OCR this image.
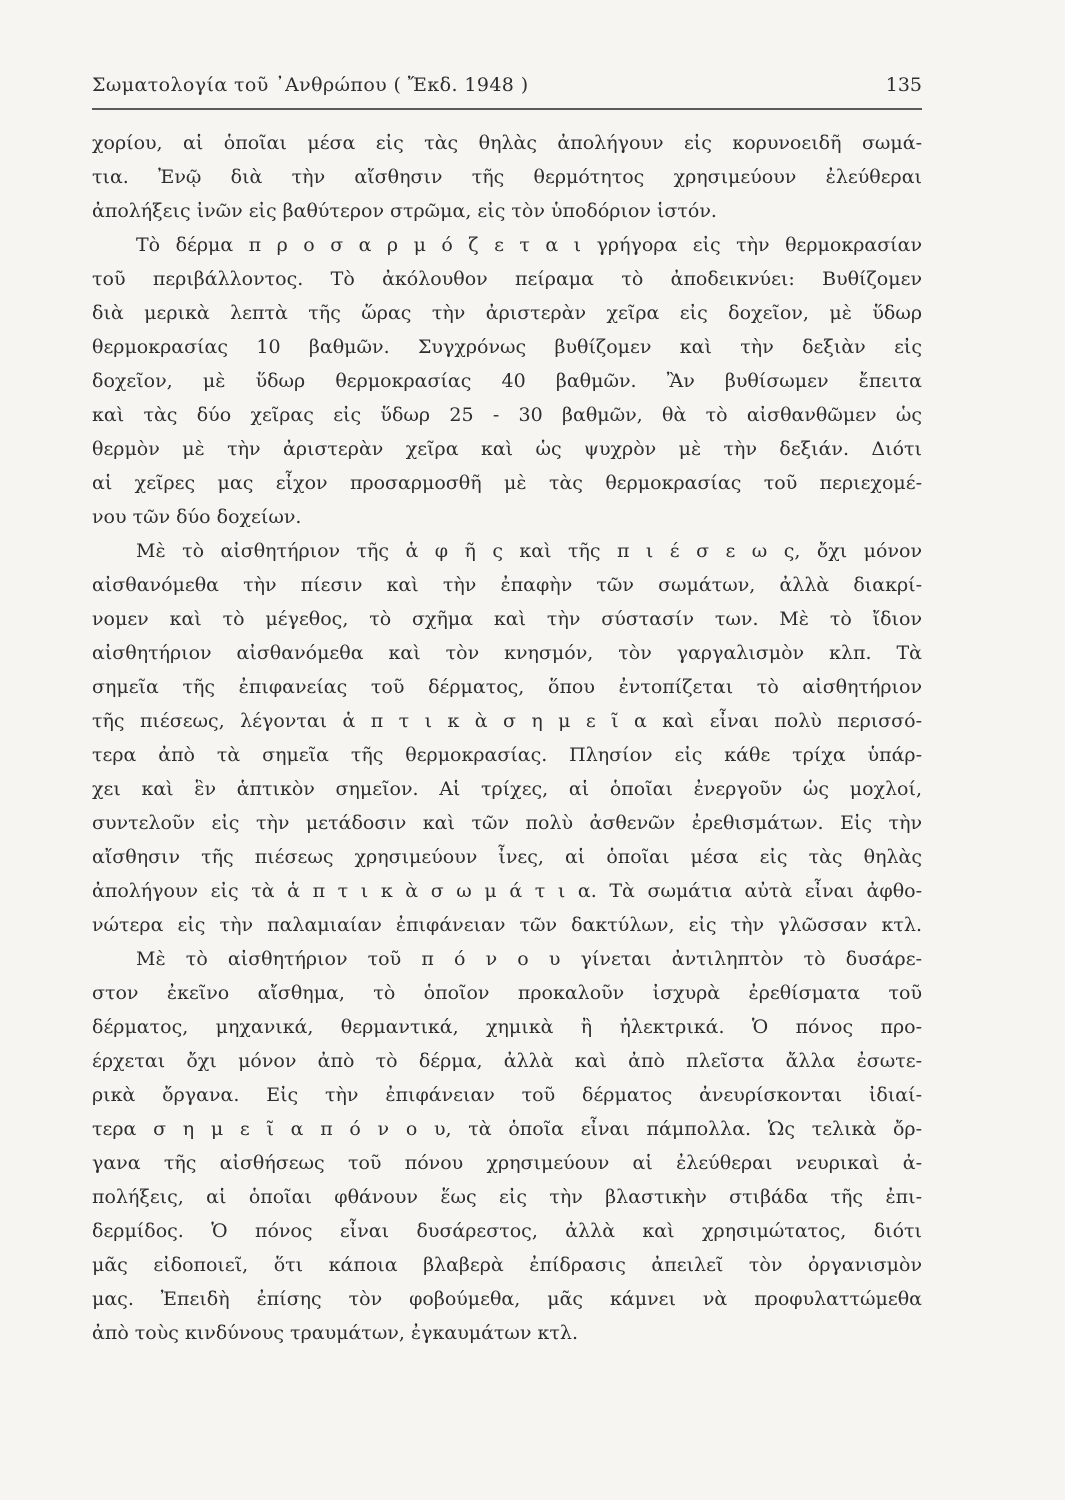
Σωματολογία τοῦ ᾿Ανθρώπου ( Ἔκδ. 1948 )	135
χορίου, αἱ ὁποῖαι μέσα εἰς τὰς θηλὰς ἀπολήγουν εἰς κορυνοειδῆ σωμά-
τια. Ἐνῷ διὰ τὴν αἴσθησιν τῆς θερμότητος χρησιμεύουν ἐλεύθεραι
ἀπολήξεις ἰνῶν εἰς βαθύτερον στρῶμα, εἰς τὸν ὑποδόριον ἱστόν.
Τὸ δέρμα π ρ ο σ α ρ μ ό ζ ε τ α ι γρήγορα εἰς τὴν θερμοκρασίαν
τοῦ περιβάλλοντος. Τὸ ἀκόλουθον πείραμα τὸ ἀποδεικνύει: Βυθίζομεν
διὰ μερικὰ λεπτὰ τῆς ὥρας τὴν ἀριστερὰν χεῖρα εἰς δοχεῖον, μὲ ὕδωρ
θερμοκρασίας 10 βαθμῶν. Συγχρόνως βυθίζομεν καὶ τὴν δεξιὰν εἰς
δοχεῖον, μὲ ὕδωρ θερμοκρασίας 40 βαθμῶν. Ἂν βυθίσωμεν ἔπειτα
καὶ τὰς δύο χεῖρας εἰς ὕδωρ 25 - 30 βαθμῶν, θὰ τὸ αἰσθανθῶμεν ὡς
θερμὸν μὲ τὴν ἀριστερὰν χεῖρα καὶ ὡς ψυχρὸν μὲ τὴν δεξιάν. Διότι
αἱ χεῖρες μας εἶχον προσαρμοσθῆ μὲ τὰς θερμοκρασίας τοῦ περιεχομέ-
νου τῶν δύο δοχείων.
Μὲ τὸ αἰσθητήριον τῆς ἁ φ ῆ ς καὶ τῆς π ι έ σ ε ω ς, ὄχι μόνον
αἰσθανόμεθα τὴν πίεσιν καὶ τὴν ἐπαφὴν τῶν σωμάτων, ἀλλὰ διακρί-
νομεν καὶ τὸ μέγεθος, τὸ σχῆμα καὶ τὴν σύστασίν των. Μὲ τὸ ἴδιον
αἰσθητήριον αἰσθανόμεθα καὶ τὸν κνησμόν, τὸν γαργαλισμὸν κλπ. Τὰ
σημεῖα τῆς ἐπιφανείας τοῦ δέρματος, ὅπου ἐντοπίζεται τὸ αἰσθητήριον
τῆς πιέσεως, λέγονται ἁ π τ ι κ ὰ σ η μ ε ῖ α καὶ εἶναι πολὺ περισσό-
τερα ἀπὸ τὰ σημεῖα τῆς θερμοκρασίας. Πλησίον εἰς κάθε τρίχα ὑπάρ-
χει καὶ ἓν ἁπτικὸν σημεῖον. Αἱ τρίχες, αἱ ὁποῖαι ἐνεργοῦν ὡς μοχλοί,
συντελοῦν εἰς τὴν μετάδοσιν καὶ τῶν πολὺ ἀσθενῶν ἐρεθισμάτων. Εἰς τὴν
αἴσθησιν τῆς πιέσεως χρησιμεύουν ἶνες, αἱ ὁποῖαι μέσα εἰς τὰς θηλὰς
ἀπολήγουν εἰς τὰ ἁ π τ ι κ ὰ σ ω μ ά τ ι α. Τὰ σωμάτια αὐτὰ εἶναι ἀφθο-
νώτερα εἰς τὴν παλαμιαίαν ἐπιφάνειαν τῶν δακτύλων, εἰς τὴν γλῶσσαν κτλ.
Μὲ τὸ αἰσθητήριον τοῦ π ό ν ο υ γίνεται ἀντιληπτὸν τὸ δυσάρε-
στον ἐκεῖνο αἴσθημα, τὸ ὁποῖον προκαλοῦν ἰσχυρὰ ἐρεθίσματα τοῦ
δέρματος, μηχανικά, θερμαντικά, χημικὰ ἢ ἠλεκτρικά. Ὁ πόνος προ-
έρχεται ὄχι μόνον ἀπὸ τὸ δέρμα, ἀλλὰ καὶ ἀπὸ πλεῖστα ἄλλα ἐσωτε-
ρικὰ ὄργανα. Εἰς τὴν ἐπιφάνειαν τοῦ δέρματος ἀνευρίσκονται ἰδιαί-
τερα σ η μ ε ῖ α π ό ν ο υ, τὰ ὁποῖα εἶναι πάμπολλα. Ὡς τελικὰ ὄρ-
γανα τῆς αἰσθήσεως τοῦ πόνου χρησιμεύουν αἱ ἐλεύθεραι νευρικαὶ ἀ-
πολήξεις, αἱ ὁποῖαι φθάνουν ἕως εἰς τὴν βλαστικὴν στιβάδα τῆς ἐπι-
δερμίδος. Ὁ πόνος εἶναι δυσάρεστος, ἀλλὰ καὶ χρησιμώτατος, διότι
μᾶς εἰδοποιεῖ, ὅτι κάποια βλαβερὰ ἐπίδρασις ἀπειλεῖ τὸν ὀργανισμὸν
μας. Ἐπειδὴ ἐπίσης τὸν φοβούμεθα, μᾶς κάμνει νὰ προφυλαττώμεθα
ἀπὸ τοὺς κινδύνους τραυμάτων, ἐγκαυμάτων κτλ.
